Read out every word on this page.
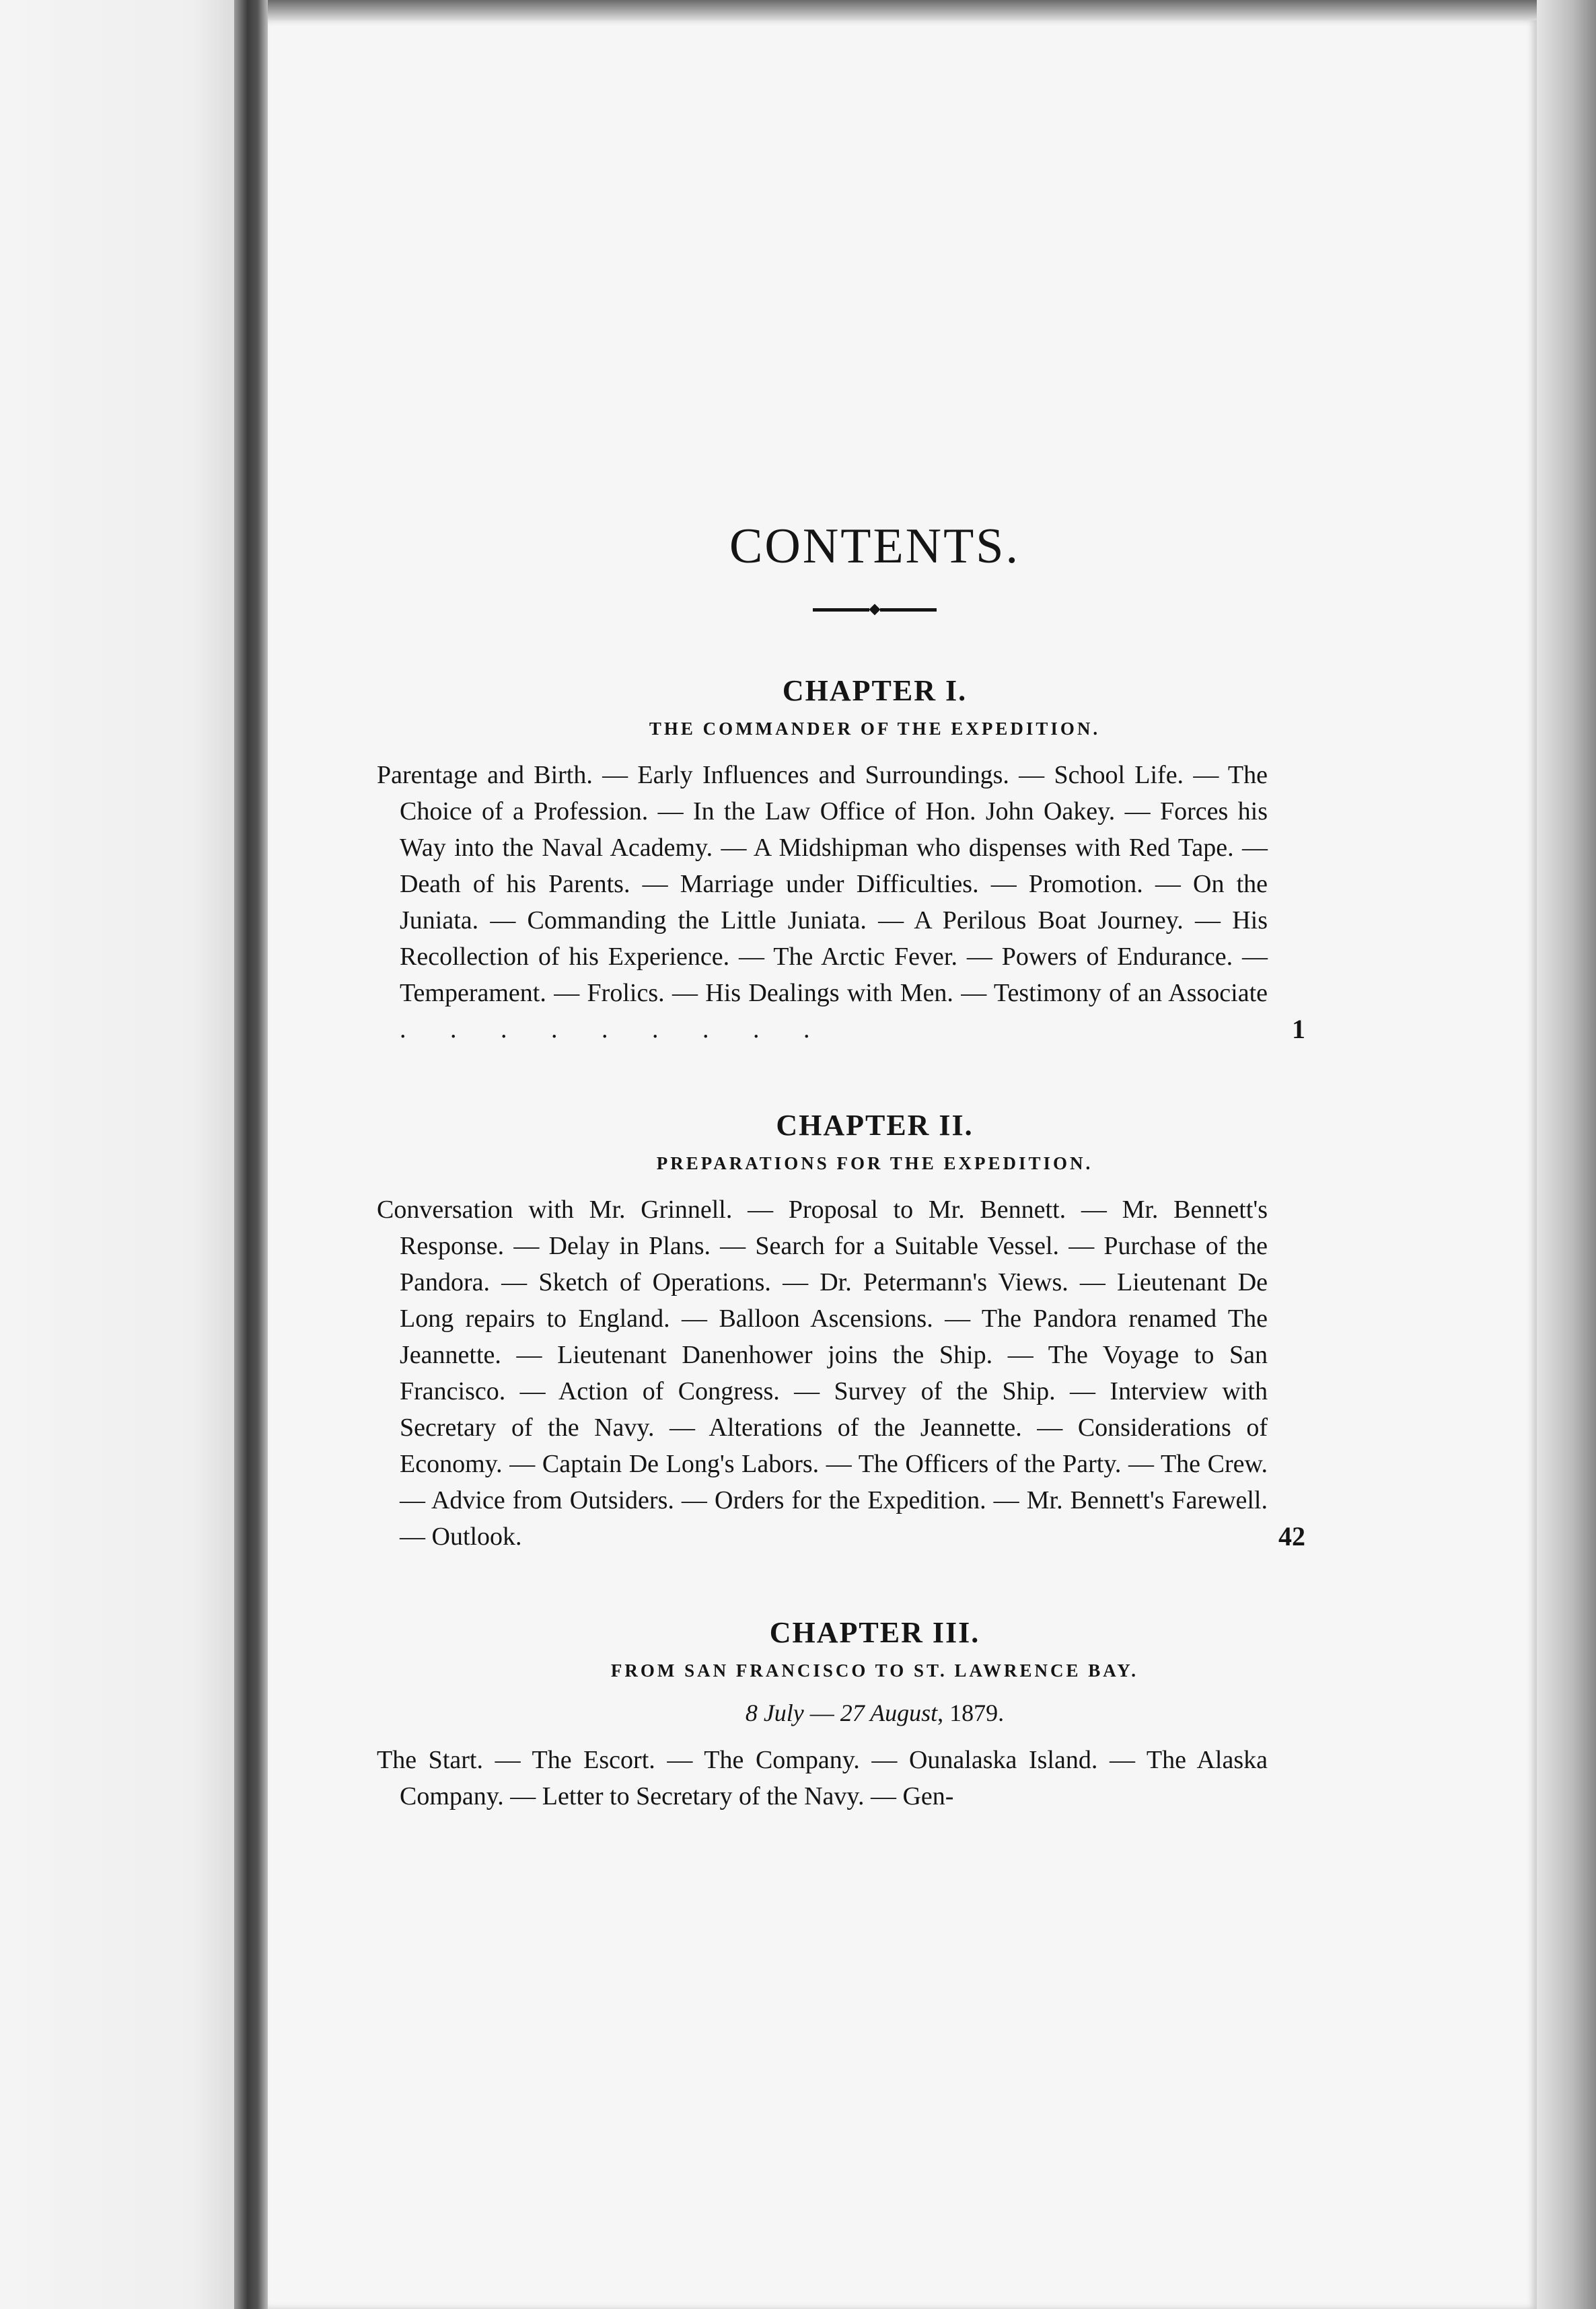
CONTENTS.
CHAPTER I.
THE COMMANDER OF THE EXPEDITION.

Parentage and Birth. — Early Influences and Surroundings. — School Life. — The Choice of a Profession. — In the Law Office of Hon. John Oakey. — Forces his Way into the Naval Academy. — A Midshipman who dispenses with Red Tape. — Death of his Parents. — Marriage under Difficulties. — Promotion. — On the Juniata. — Commanding the Little Juniata. — A Perilous Boat Journey. — His Recollection of his Experience. — The Arctic Fever. — Powers of Endurance. — Temperament. — Frolics. — His Dealings with Men. — Testimony of an Associate . . . . . . . . .	1
CHAPTER II.
PREPARATIONS FOR THE EXPEDITION.

Conversation with Mr. Grinnell. — Proposal to Mr. Bennett. — Mr. Bennett's Response. — Delay in Plans. — Search for a Suitable Vessel. — Purchase of the Pandora. — Sketch of Operations. — Dr. Petermann's Views. — Lieutenant De Long repairs to England. — Balloon Ascensions. — The Pandora renamed The Jeannette. — Lieutenant Danenhower joins the Ship. — The Voyage to San Francisco. — Action of Congress. — Survey of the Ship. — Interview with Secretary of the Navy. — Alterations of the Jeannette. — Considerations of Economy. — Captain De Long's Labors. — The Officers of the Party. — The Crew. — Advice from Outsiders. — Orders for the Expedition. — Mr. Bennett's Farewell. — Outlook.	42
CHAPTER III.
FROM SAN FRANCISCO TO ST. LAWRENCE BAY.
8 July — 27 August, 1879.

The Start. — The Escort. — The Company. — Ounalaska Island. — The Alaska Company. — Letter to Secretary of the Navy. — Gen-
